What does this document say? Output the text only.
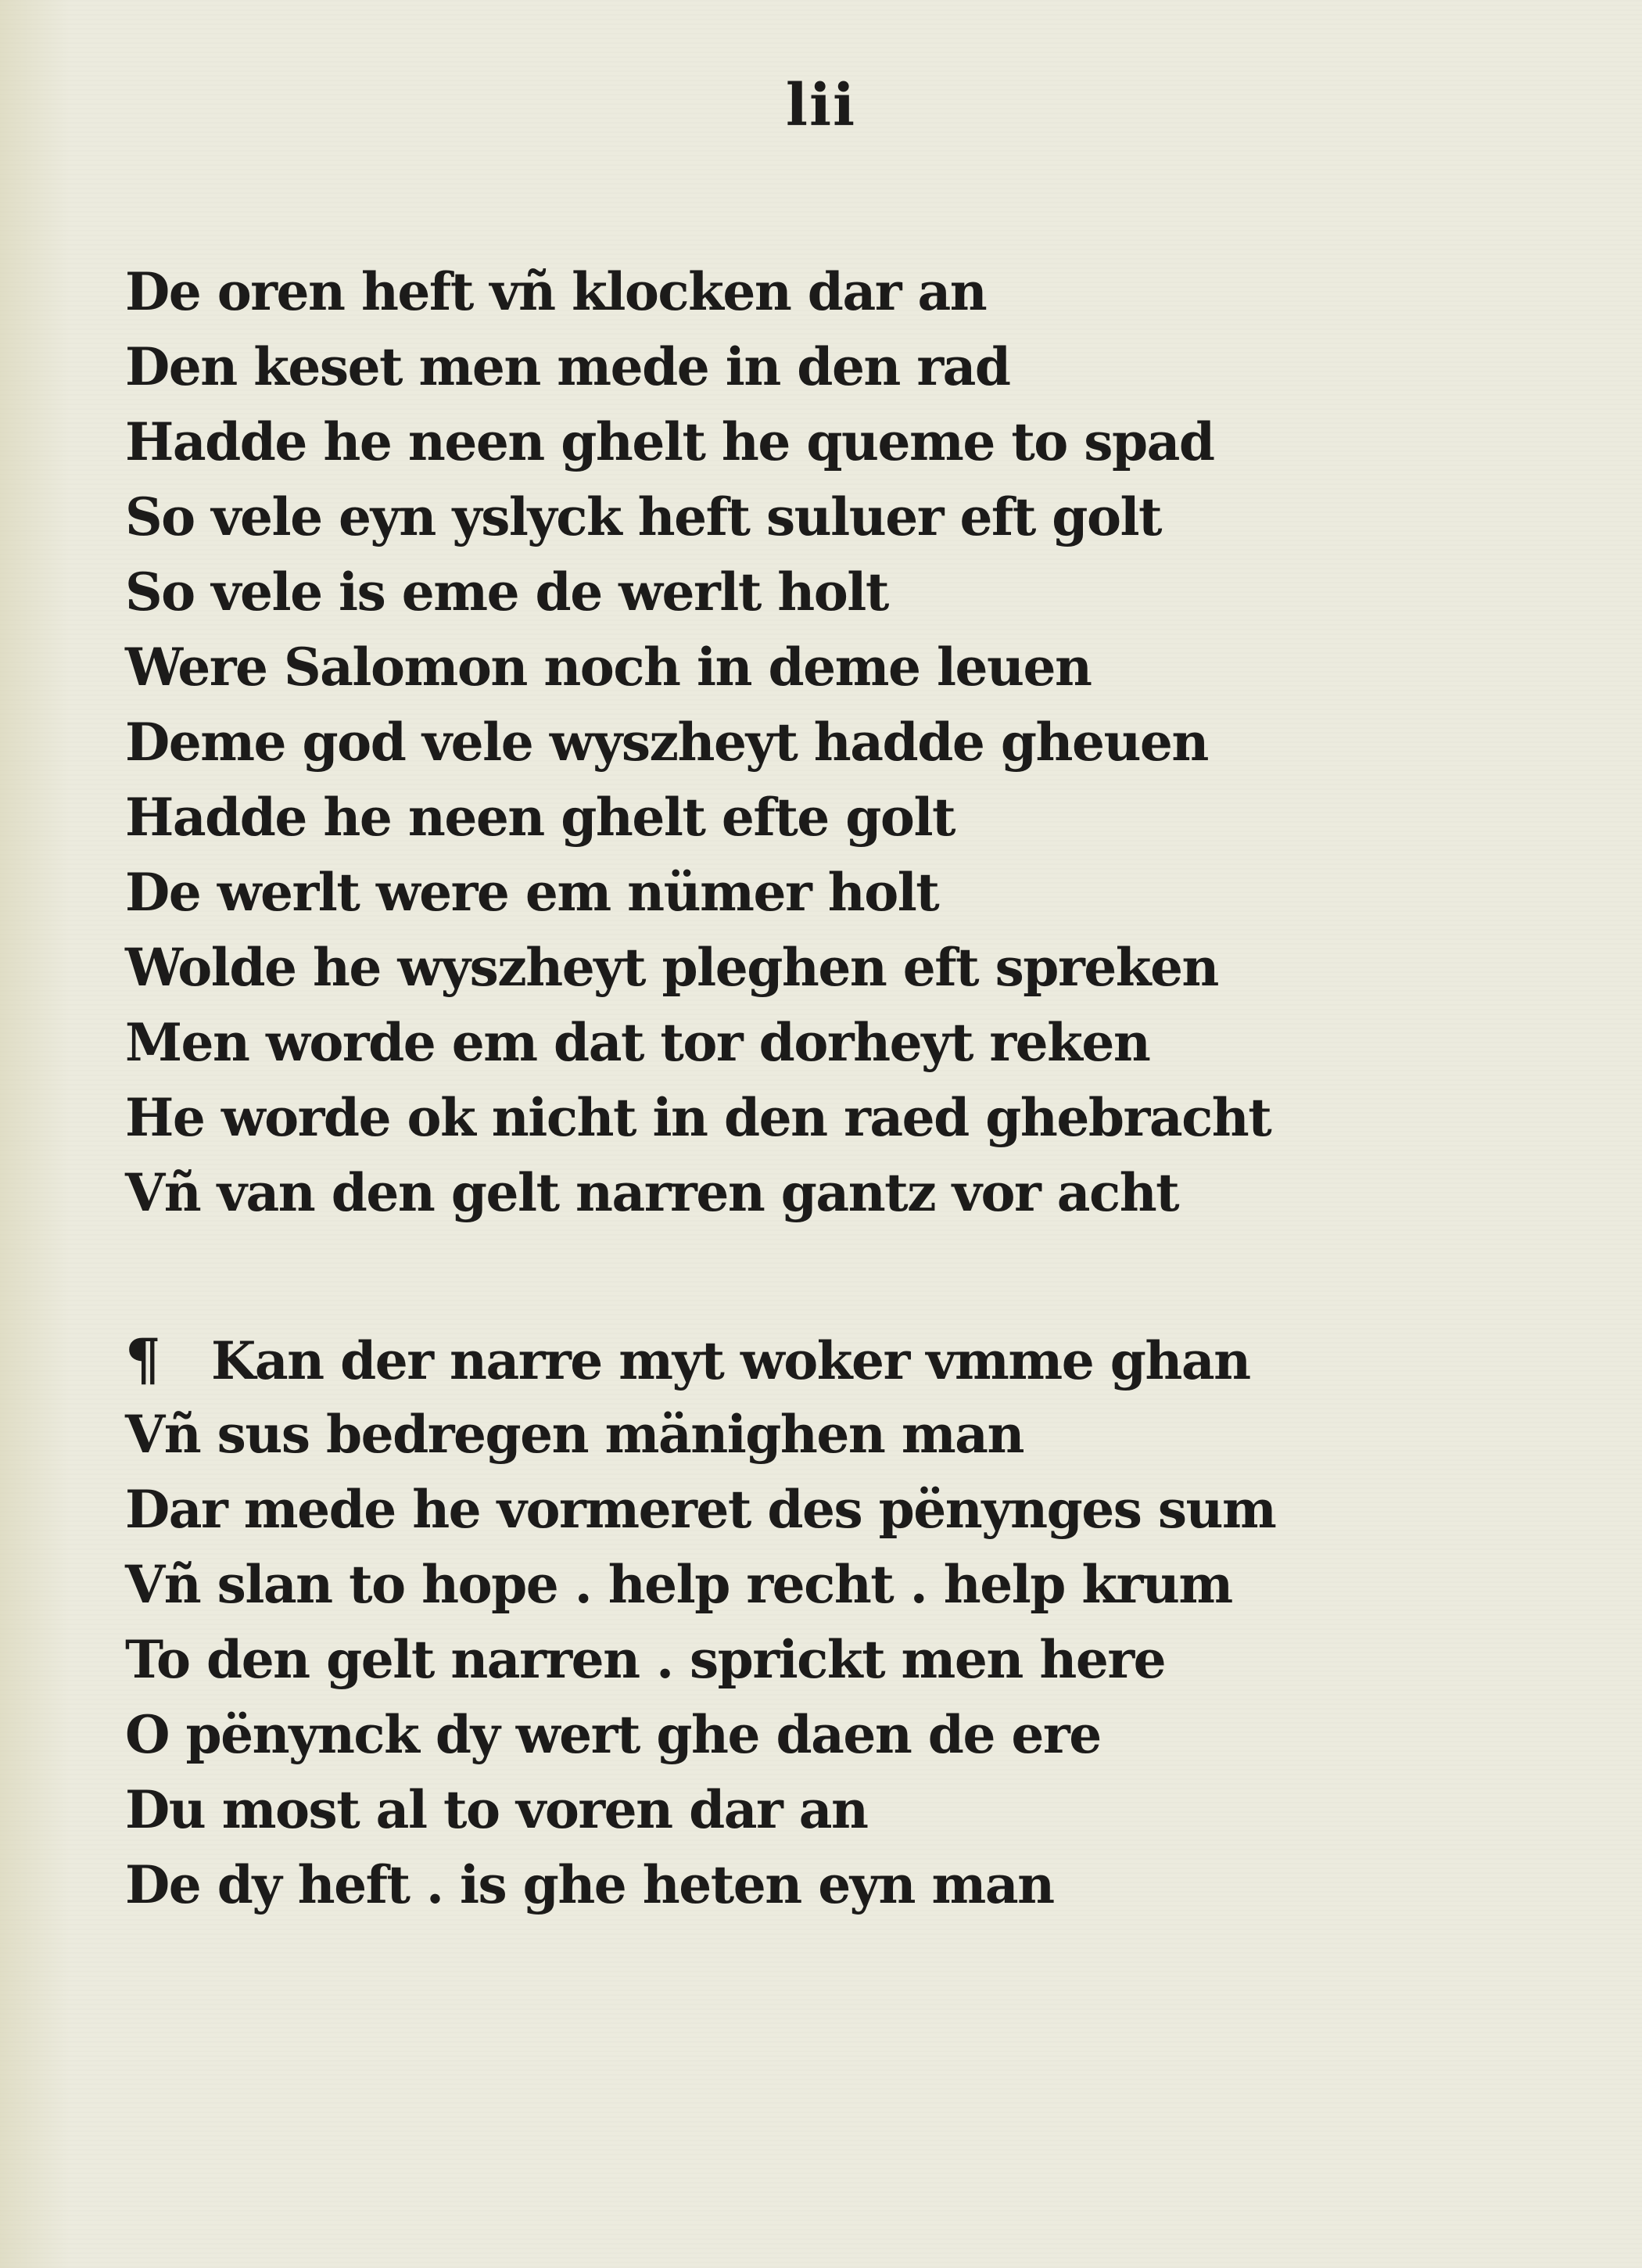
lii
De oren heft vñ klocken dar an
Den keset men mede in den rad
Hadde he neen ghelt he queme to spad
So vele eyn yslyck heft suluer eft golt
So vele is eme de werlt holt
Were Salomon noch in deme leuen
Deme god vele wyszheyt hadde gheuen
Hadde he neen ghelt efte golt
De werlt were em nümer holt
Wolde he wyszheyt pleghen eft spreken
Men worde em dat tor dorheyt reken
He worde ok nicht in den raed ghebracht
Vñ van den gelt narren gantz vor acht
¶ Kan der narre myt woker vmme ghan
Vñ sus bedregen mänighen man
Dar mede he vormeret des pënynges sum
Vñ slan to hope . help recht . help krum
To den gelt narren . sprickt men here
O pënynck dy wert ghe daen de ere
Du most al to voren dar an
De dy heft . is ghe heten eyn man
